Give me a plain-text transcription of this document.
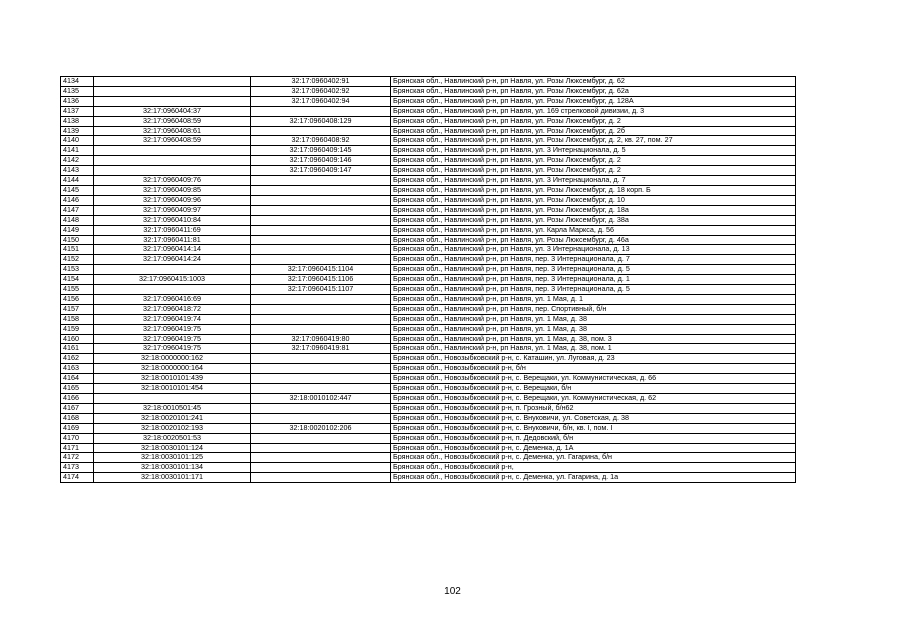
4134		32:17:0960402:91	Брянская обл., Навлинский р-н, рп Навля, ул. Розы Люксембург, д. 62
4135		32:17:0960402:92	Брянская обл., Навлинский р-н, рп Навля, ул. Розы Люксембург, д. 62а
4136		32:17:0960402:94	Брянская обл., Навлинский р-н, рп Навля, ул. Розы Люксембург, д. 128А
4137	32:17:0960404:37		Брянская обл., Навлинский р-н, рп Навля, ул. 169 стрелковой дивизии, д. 3
4138	32:17:0960408:59	32:17:0960408:129	Брянская обл., Навлинский р-н, рп Навля, ул. Розы Люксембург, д. 2
4139	32:17:0960408:61		Брянская обл., Навлинский р-н, рп Навля, ул. Розы Люксембург, д. 2б
4140	32:17:0960408:59	32:17:0960408:92	Брянская обл., Навлинский р-н, рп Навля, ул. Розы Люксембург, д. 2, кв. 27, пом. 27
4141		32:17:0960409:145	Брянская обл., Навлинский р-н, рп Навля, ул. 3 Интернационала, д. 5
4142		32:17:0960409:146	Брянская обл., Навлинский р-н, рп Навля, ул. Розы Люксембург, д. 2
4143		32:17:0960409:147	Брянская обл., Навлинский р-н, рп Навля, ул. Розы Люксембург, д. 2
4144	32:17:0960409:76		Брянская обл., Навлинский р-н, рп Навля, ул. 3 Интернационала, д. 7
4145	32:17:0960409:85		Брянская обл., Навлинский р-н, рп Навля, ул. Розы Люксембург, д. 18 корп. Б
4146	32:17:0960409:96		Брянская обл., Навлинский р-н, рп Навля, ул. Розы Люксембург, д. 10
4147	32:17:0960409:97		Брянская обл., Навлинский р-н, рп Навля, ул. Розы Люксембург, д. 18а
4148	32:17:0960410:84		Брянская обл., Навлинский р-н, рп Навля, ул. Розы Люксембург, д. 38а
4149	32:17:0960411:69		Брянская обл., Навлинский р-н, рп Навля, ул. Карла Маркса, д. 56
4150	32:17:0960411:81		Брянская обл., Навлинский р-н, рп Навля, ул. Розы Люксембург, д. 46а
4151	32:17:0960414:14		Брянская обл., Навлинский р-н, рп Навля, ул. 3 Интернационала, д. 13
4152	32:17:0960414:24		Брянская обл., Навлинский р-н, рп Навля, пер. 3 Интернационала, д. 7
4153		32:17:0960415:1104	Брянская обл., Навлинский р-н, рп Навля, пер. 3 Интернационала, д. 5
4154	32:17:0960415:1003	32:17:0960415:1106	Брянская обл., Навлинский р-н, рп Навля, пер. 3 Интернационала, д. 1
4155		32:17:0960415:1107	Брянская обл., Навлинский р-н, рп Навля, пер. 3 Интернационала, д. 5
4156	32:17:0960416:69		Брянская обл., Навлинский р-н, рп Навля, ул. 1 Мая, д. 1
4157	32:17:0960418:72		Брянская обл., Навлинский р-н, рп Навля, пер. Спортивный, б/н
4158	32:17:0960419:74		Брянская обл., Навлинский р-н, рп Навля, ул. 1 Мая, д. 38
4159	32:17:0960419:75		Брянская обл., Навлинский р-н, рп Навля, ул. 1 Мая, д. 38
4160	32:17:0960419:75	32:17:0960419:80	Брянская обл., Навлинский р-н, рп Навля, ул. 1 Мая, д. 38, пом. 3
4161	32:17:0960419:75	32:17:0960419:81	Брянская обл., Навлинский р-н, рп Навля, ул. 1 Мая, д. 38, пом. 1
4162	32:18:0000000:162		Брянская обл., Новозыбковский р-н, с. Каташин, ул. Луговая, д. 23
4163	32:18:0000000:164		Брянская обл., Новозыбковский р-н, б/н
4164	32:18:0010101:439		Брянская обл., Новозыбковский р-н, с. Верещаки, ул. Коммунистическая, д. 66
4165	32:18:0010101:454		Брянская обл., Новозыбковский р-н, с. Верещаки, б/н
4166		32:18:0010102:447	Брянская обл., Новозыбковский р-н, с. Верещаки, ул. Коммунистическая, д. 62
4167	32:18:0010501:45		Брянская обл., Новозыбковский р-н, п. Грозный, б/н62
4168	32:18:0020101:241		Брянская обл., Новозыбковский р-н, с. Внуковичи, ул. Советская, д. 38
4169	32:18:0020102:193	32:18:0020102:206	Брянская обл., Новозыбковский р-н, с. Внуковичи, б/н, кв. I, пом. I
4170	32:18:0020501:53		Брянская обл., Новозыбковский р-н, п. Дедовский, б/н
4171	32:18:0030101:124		Брянская обл., Новозыбковский р-н, с. Деменка, д. 1А
4172	32:18:0030101:125		Брянская обл., Новозыбковский р-н, с. Деменка, ул. Гагарина, б/н
4173	32:18:0030101:134		Брянская обл., Новозыбковский р-н,
4174	32:18:0030101:171		Брянская обл., Новозыбковский р-н, с. Деменка, ул. Гагарина, д. 1а
102
